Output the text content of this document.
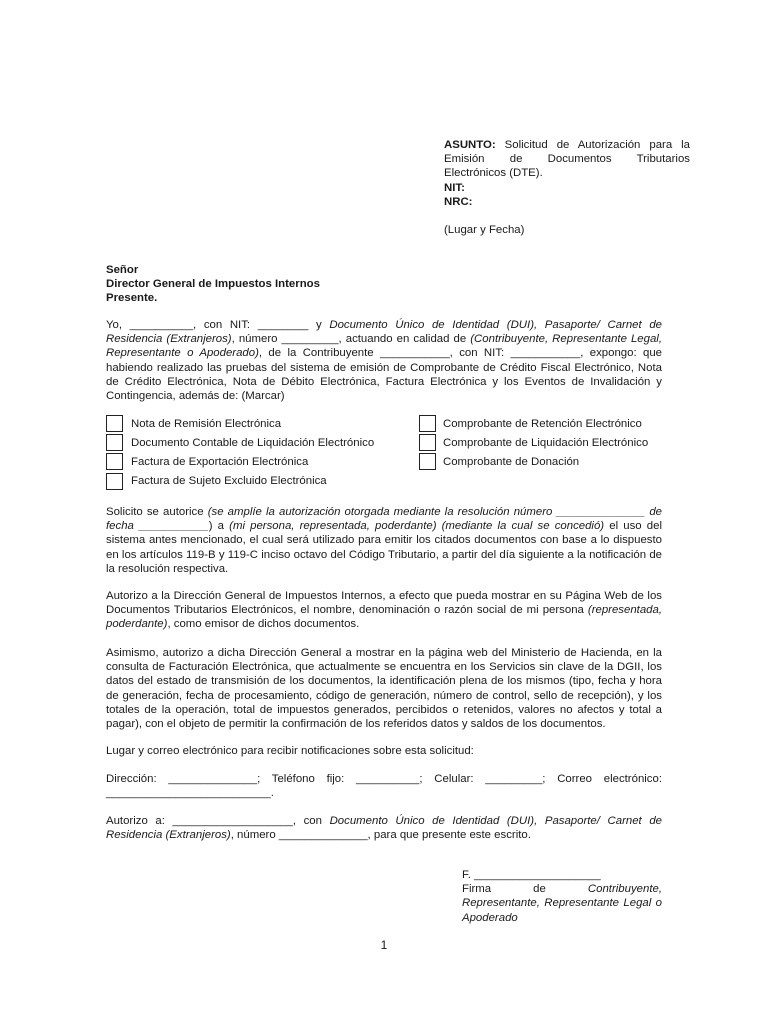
ASUNTO: Solicitud de Autorización para la
Emisión de Documentos Tributarios
Electrónicos (DTE).
NIT:
NRC:
(Lugar y Fecha)
Señor
Director General de Impuestos Internos
Presente.
Yo, __________, con NIT: ________ y Documento Único de Identidad (DUI), Pasaporte/ Carnet de Residencia (Extranjeros), número _________, actuando en calidad de (Contribuyente, Representante Legal, Representante o Apoderado), de la Contribuyente ___________, con NIT: ___________, expongo: que habiendo realizado las pruebas del sistema de emisión de Comprobante de Crédito Fiscal Electrónico, Nota de Crédito Electrónica, Nota de Débito Electrónica, Factura Electrónica y los Eventos de Invalidación y Contingencia, además de: (Marcar)
Nota de Remisión Electrónica
Documento Contable de Liquidación Electrónico
Factura de Exportación Electrónica
Factura de Sujeto Excluido Electrónica
Comprobante de Retención Electrónico
Comprobante de Liquidación Electrónico
Comprobante de Donación
Solicito se autorice (se amplíe la autorización otorgada mediante la resolución número ______________ de fecha ___________) a (mi persona, representada, poderdante) (mediante la cual se concedió) el uso del sistema antes mencionado, el cual será utilizado para emitir los citados documentos con base a lo dispuesto en los artículos 119-B y 119-C inciso octavo del Código Tributario, a partir del día siguiente a la notificación de la resolución respectiva.
Autorizo a la Dirección General de Impuestos Internos, a efecto que pueda mostrar en su Página Web de los Documentos Tributarios Electrónicos, el nombre, denominación o razón social de mi persona (representada, poderdante), como emisor de dichos documentos.
Asimismo, autorizo a dicha Dirección General a mostrar en la página web del Ministerio de Hacienda, en la consulta de Facturación Electrónica, que actualmente se encuentra en los Servicios sin clave de la DGII, los datos del estado de transmisión de los documentos, la identificación plena de los mismos (tipo, fecha y hora de generación, fecha de procesamiento, código de generación, número de control, sello de recepción), y los totales de la operación, total de impuestos generados, percibidos o retenidos, valores no afectos y total a pagar), con el objeto de permitir la confirmación de los referidos datos y saldos de los documentos.
Lugar y correo electrónico para recibir notificaciones sobre esta solicitud:
Dirección: ______________; Teléfono fijo: __________; Celular: _________; Correo electrónico:
__________________________.
Autorizo a: ___________________, con Documento Único de Identidad (DUI), Pasaporte/ Carnet de Residencia (Extranjeros), número ______________, para que presente este escrito.
F. ____________________
Firma de Contribuyente, Representante, Representante Legal o Apoderado
1
